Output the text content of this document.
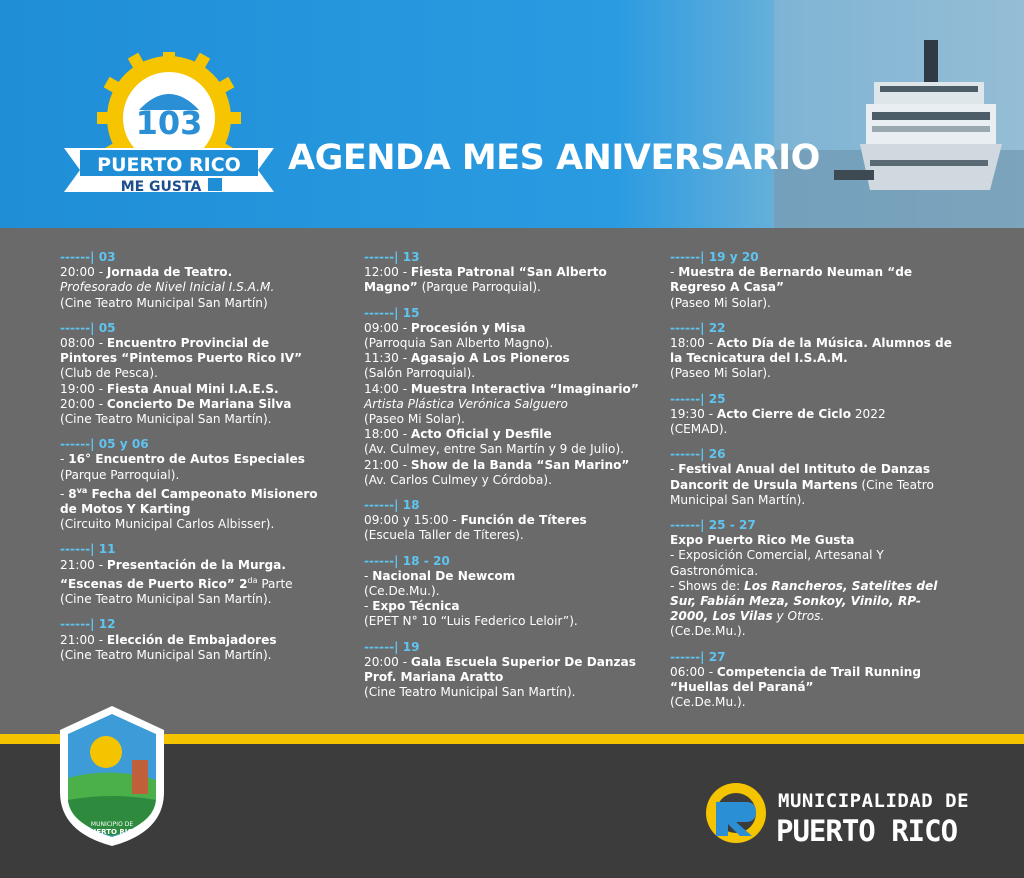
103
PUERTO RICO
ME GUSTA
AGENDA MES ANIVERSARIO
------| 03
20:00 - Jornada de Teatro.
Profesorado de Nivel Inicial I.S.A.M.
(Cine Teatro Municipal San Martín)
------| 05
08:00 - Encuentro Provincial de
Pintores “Pintemos Puerto Rico IV”
(Club de Pesca).
19:00 - Fiesta Anual Mini I.A.E.S.
20:00 - Concierto De Mariana Silva
(Cine Teatro Municipal San Martín).
------| 05 y 06
- 16° Encuentro de Autos Especiales
(Parque Parroquial).
- $8^{va}$ Fecha del Campeonato Misionero
de Motos Y Karting
(Circuito Municipal Carlos Albisser).
------| 11
21:00 - Presentación de la Murga.
“Escenas de Puerto Rico” $2^{da}$ Parte
(Cine Teatro Municipal San Martín).
------| 12
21:00 - Elección de Embajadores
(Cine Teatro Municipal San Martín).
------| 13
12:00 - Fiesta Patronal “San Alberto
Magno” (Parque Parroquial).
------| 15
09:00 - Procesión y Misa
(Parroquia San Alberto Magno).
11:30 - Agasajo A Los Pioneros
(Salón Parroquial).
14:00 - Muestra Interactiva “Imaginario”
Artista Plástica Verónica Salguero
(Paseo Mi Solar).
18:00 - Acto Oficial y Desfile
(Av. Culmey, entre San Martín y 9 de Julio).
21:00 - Show de la Banda “San Marino”
(Av. Carlos Culmey y Córdoba).
------| 18
09:00 y 15:00 - Función de Títeres
(Escuela Taller de Títeres).
------| 18 - 20
- Nacional De Newcom
(Ce.De.Mu.).
- Expo Técnica
(EPET N° 10 “Luis Federico Leloir”).
------| 19
20:00 - Gala Escuela Superior De Danzas
Prof. Mariana Aratto
(Cine Teatro Municipal San Martín).
------| 19 y 20
- Muestra de Bernardo Neuman “de
Regreso A Casa”
(Paseo Mi Solar).
------| 22
18:00 - Acto Día de la Música. Alumnos de
la Tecnicatura del I.S.A.M.
(Paseo Mi Solar).
------| 25
19:30 - Acto Cierre de Ciclo 2022
(CEMAD).
------| 26
- Festival Anual del Intituto de Danzas
Dancorit de Ursula Martens (Cine Teatro
Municipal San Martín).
------| 25 - 27
Expo Puerto Rico Me Gusta
- Exposición Comercial, Artesanal Y
Gastronómica.
- Shows de: Los Rancheros, Satelites del
Sur, Fabián Meza, Sonkoy, Vinilo, RP-
2000, Los Vilas y Otros.
(Ce.De.Mu.).
------| 27
06:00 - Competencia de Trail Running
“Huellas del Paraná”
(Ce.De.Mu.).
MUNICIPIO DE
PUERTO RICO
MISIONES
MUNICIPALIDAD DE
PUERTO RICO
